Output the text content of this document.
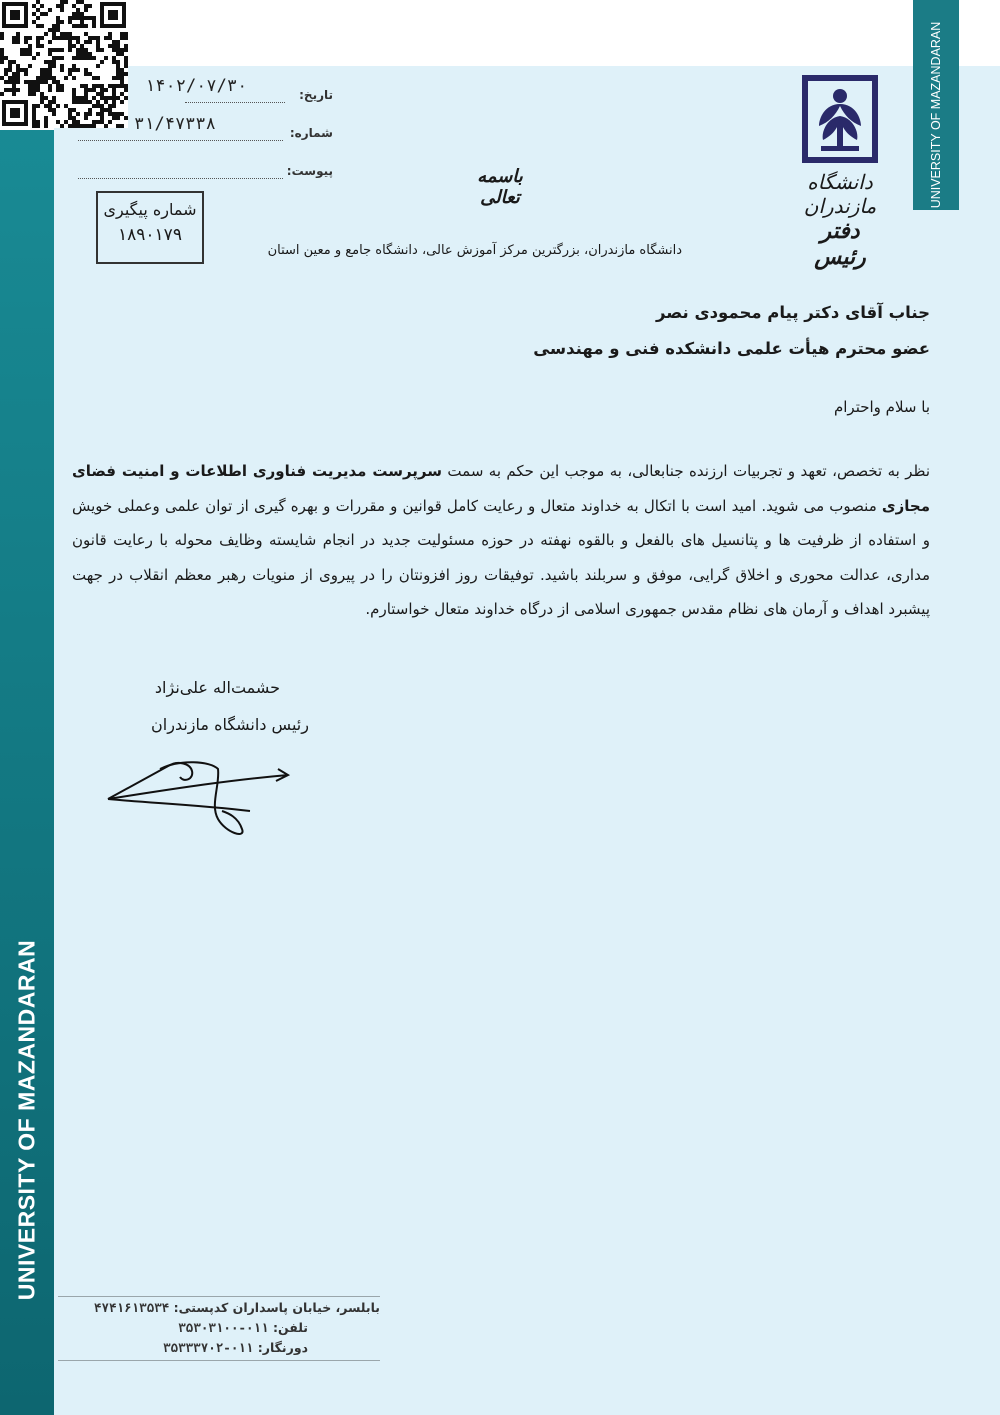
UNIVERSITY OF MAZANDARAN
UNIVERSITY OF MAZANDARAN
دانشگاه مازندران
دفتر رئیس
باسمه تعالی
تاریخ:
۱۴۰۲/۰۷/۳۰
شماره:
۳۱/۴۷۳۳۸
پیوست:
شماره پیگیری
۱۸۹۰۱۷۹
دانشگاه مازندران، بزرگترین مرکز آموزش عالی، دانشگاه جامع و معین استان
جناب آقای دکتر پیام محمودی نصر
عضو محترم هیأت علمی دانشکده فنی و مهندسی
با سلام واحترام
نظر به تخصص، تعهد و تجربیات ارزنده جنابعالی، به موجب این حکم به سمت سرپرست مدیریت فناوری اطلاعات و امنیت فضای مجازی منصوب می شوید. امید است با اتکال به خداوند متعال و رعایت کامل قوانین و مقررات و بهره گیری از توان علمی وعملی خویش و استفاده از ظرفیت ها و پتانسیل های بالفعل و بالقوه نهفته در حوزه مسئولیت جدید در انجام شایسته وظایف محوله با رعایت قانون مداری، عدالت محوری و اخلاق گرایی، موفق و سربلند باشید. توفیقات روز افزونتان را در پیروی از منویات رهبر معظم انقلاب در جهت پیشبرد اهداف و آرمان های نظام مقدس جمهوری اسلامی از درگاه خداوند متعال خواستارم.
حشمت‌اله علی‌نژاد
رئیس دانشگاه مازندران
بابلسر، خیابان پاسداران کدپستی: ۴۷۴۱۶۱۳۵۳۴
تلفن: ۰۱۱-۳۵۳۰۳۱۰۰
دورنگار: ۰۱۱-۳۵۳۳۳۷۰۲
